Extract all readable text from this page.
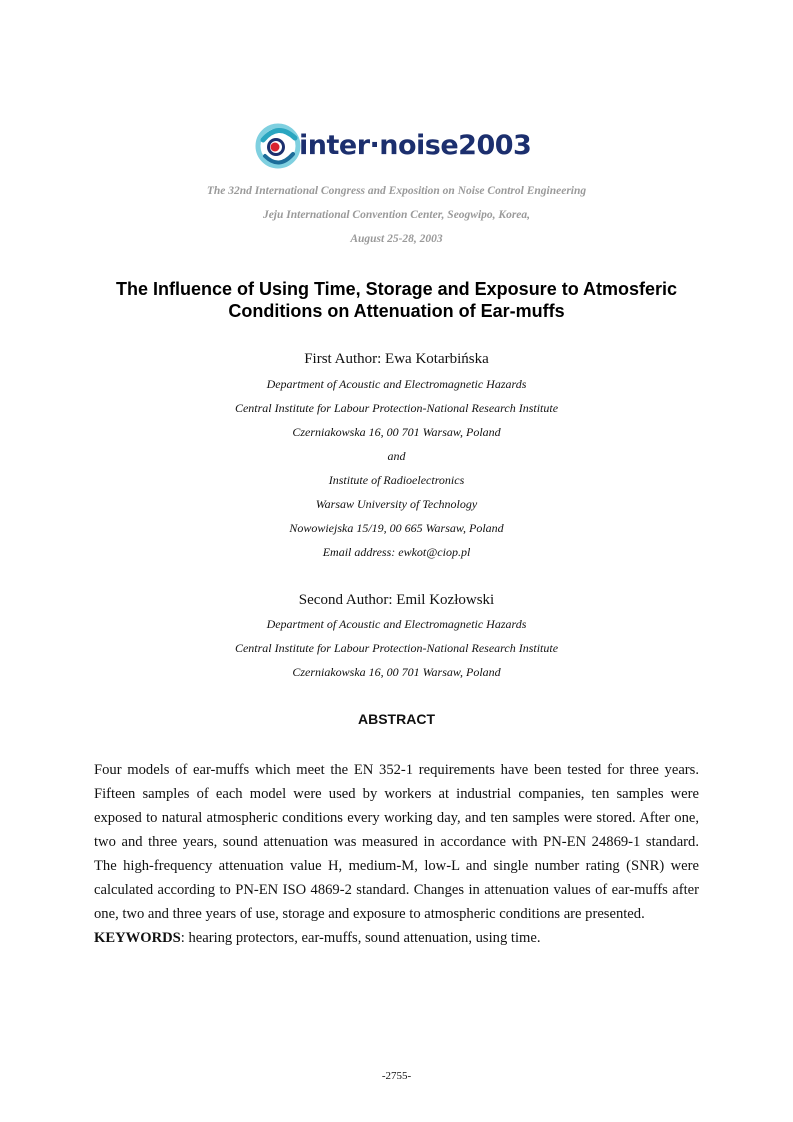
inter·noise2003
The 32nd International Congress and Exposition on Noise Control Engineering
Jeju International Convention Center, Seogwipo, Korea,
August 25-28, 2003
The Influence of Using Time, Storage and Exposure to Atmosferic
Conditions on Attenuation of Ear-muffs
First Author: Ewa Kotarbińska
Department of Acoustic and Electromagnetic Hazards
Central Institute for Labour Protection-National Research Institute
Czerniakowska 16, 00 701 Warsaw, Poland
and
Institute of Radioelectronics
Warsaw University of Technology
Nowowiejska 15/19, 00 665 Warsaw, Poland
Email address: ewkot@ciop.pl
Second Author: Emil Kozłowski
Department of Acoustic and Electromagnetic Hazards
Central Institute for Labour Protection-National Research Institute
Czerniakowska 16, 00 701 Warsaw, Poland
ABSTRACT
Four models of ear-muffs which meet the EN 352-1 requirements have been tested for three years. Fifteen samples of each model were used by workers at industrial companies, ten samples were exposed to natural atmospheric conditions every working day, and ten samples were stored. After one, two and three years, sound attenuation was measured in accordance with PN-EN 24869-1 standard. The high-frequency attenuation value H, medium-M, low-L and single number rating (SNR) were calculated according to PN-EN ISO 4869-2 standard. Changes in attenuation values of ear-muffs after one, two and three years of use, storage and exposure to atmospheric conditions are presented.
KEYWORDS: hearing protectors, ear-muffs, sound attenuation, using time.
-2755-
